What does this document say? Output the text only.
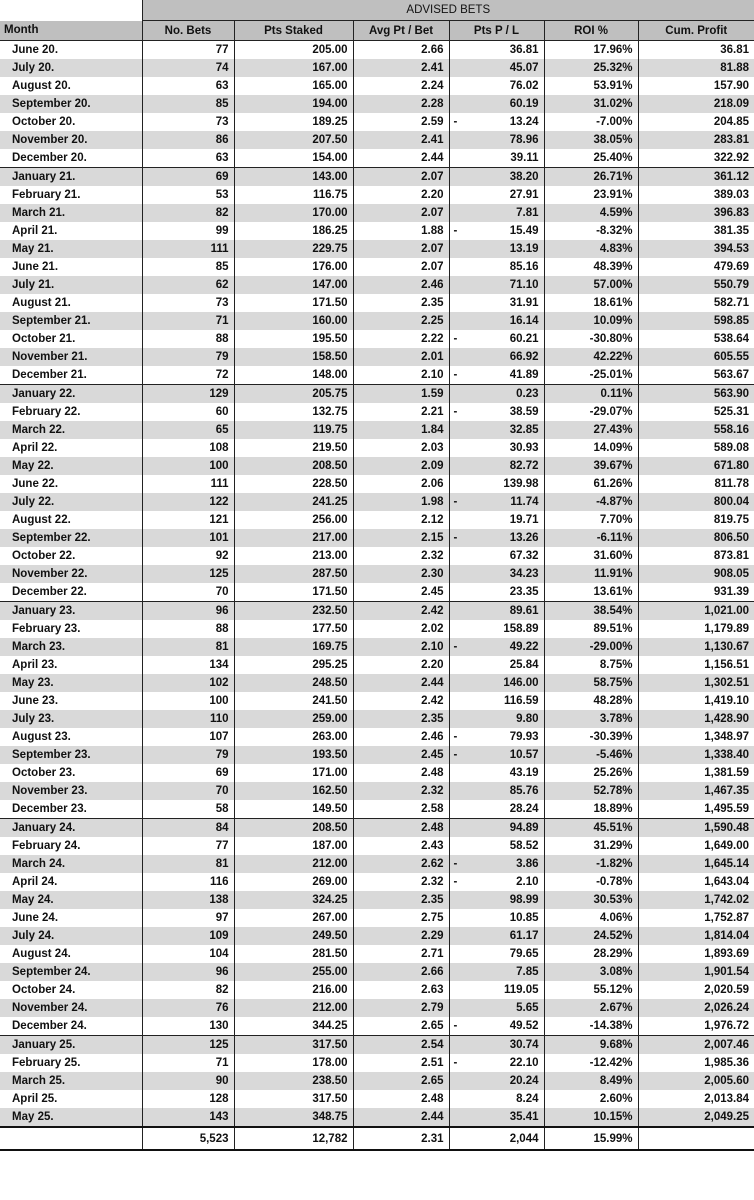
	ADVISED BETS					
Month	No. Bets	Pts Staked	Avg Pt / Bet	Pts P / L	ROI %	Cum. Profit
June 20.	77	205.00	2.66	36.81	17.96%	36.81
July 20.	74	167.00	2.41	45.07	25.32%	81.88
August 20.	63	165.00	2.24	76.02	53.91%	157.90
September 20.	85	194.00	2.28	60.19	31.02%	218.09
October 20.	73	189.25	2.59	- 13.24	-7.00%	204.85
November 20.	86	207.50	2.41	78.96	38.05%	283.81
December 20.	63	154.00	2.44	39.11	25.40%	322.92
January 21.	69	143.00	2.07	38.20	26.71%	361.12
February 21.	53	116.75	2.20	27.91	23.91%	389.03
March 21.	82	170.00	2.07	7.81	4.59%	396.83
April 21.	99	186.25	1.88	- 15.49	-8.32%	381.35
May 21.	111	229.75	2.07	13.19	4.83%	394.53
June 21.	85	176.00	2.07	85.16	48.39%	479.69
July 21.	62	147.00	2.46	71.10	57.00%	550.79
August 21.	73	171.50	2.35	31.91	18.61%	582.71
September 21.	71	160.00	2.25	16.14	10.09%	598.85
October 21.	88	195.50	2.22	- 60.21	-30.80%	538.64
November 21.	79	158.50	2.01	66.92	42.22%	605.55
December 21.	72	148.00	2.10	- 41.89	-25.01%	563.67
January 22.	129	205.75	1.59	0.23	0.11%	563.90
February 22.	60	132.75	2.21	- 38.59	-29.07%	525.31
March 22.	65	119.75	1.84	32.85	27.43%	558.16
April 22.	108	219.50	2.03	30.93	14.09%	589.08
May 22.	100	208.50	2.09	82.72	39.67%	671.80
June 22.	111	228.50	2.06	139.98	61.26%	811.78
July 22.	122	241.25	1.98	- 11.74	-4.87%	800.04
August 22.	121	256.00	2.12	19.71	7.70%	819.75
September 22.	101	217.00	2.15	- 13.26	-6.11%	806.50
October 22.	92	213.00	2.32	67.32	31.60%	873.81
November 22.	125	287.50	2.30	34.23	11.91%	908.05
December 22.	70	171.50	2.45	23.35	13.61%	931.39
January 23.	96	232.50	2.42	89.61	38.54%	1,021.00
February 23.	88	177.50	2.02	158.89	89.51%	1,179.89
March 23.	81	169.75	2.10	- 49.22	-29.00%	1,130.67
April 23.	134	295.25	2.20	25.84	8.75%	1,156.51
May 23.	102	248.50	2.44	146.00	58.75%	1,302.51
June 23.	100	241.50	2.42	116.59	48.28%	1,419.10
July 23.	110	259.00	2.35	9.80	3.78%	1,428.90
August 23.	107	263.00	2.46	- 79.93	-30.39%	1,348.97
September 23.	79	193.50	2.45	- 10.57	-5.46%	1,338.40
October 23.	69	171.00	2.48	43.19	25.26%	1,381.59
November 23.	70	162.50	2.32	85.76	52.78%	1,467.35
December 23.	58	149.50	2.58	28.24	18.89%	1,495.59
January 24.	84	208.50	2.48	94.89	45.51%	1,590.48
February 24.	77	187.00	2.43	58.52	31.29%	1,649.00
March 24.	81	212.00	2.62	- 3.86	-1.82%	1,645.14
April 24.	116	269.00	2.32	- 2.10	-0.78%	1,643.04
May 24.	138	324.25	2.35	98.99	30.53%	1,742.02
June 24.	97	267.00	2.75	10.85	4.06%	1,752.87
July 24.	109	249.50	2.29	61.17	24.52%	1,814.04
August 24.	104	281.50	2.71	79.65	28.29%	1,893.69
September 24.	96	255.00	2.66	7.85	3.08%	1,901.54
October 24.	82	216.00	2.63	119.05	55.12%	2,020.59
November 24.	76	212.00	2.79	5.65	2.67%	2,026.24
December 24.	130	344.25	2.65	- 49.52	-14.38%	1,976.72
January 25.	125	317.50	2.54	30.74	9.68%	2,007.46
February 25.	71	178.00	2.51	- 22.10	-12.42%	1,985.36
March 25.	90	238.50	2.65	20.24	8.49%	2,005.60
April 25.	128	317.50	2.48	8.24	2.60%	2,013.84
May 25.	143	348.75	2.44	35.41	10.15%	2,049.25
	5,523	12,782	2.31	2,044	15.99%	
